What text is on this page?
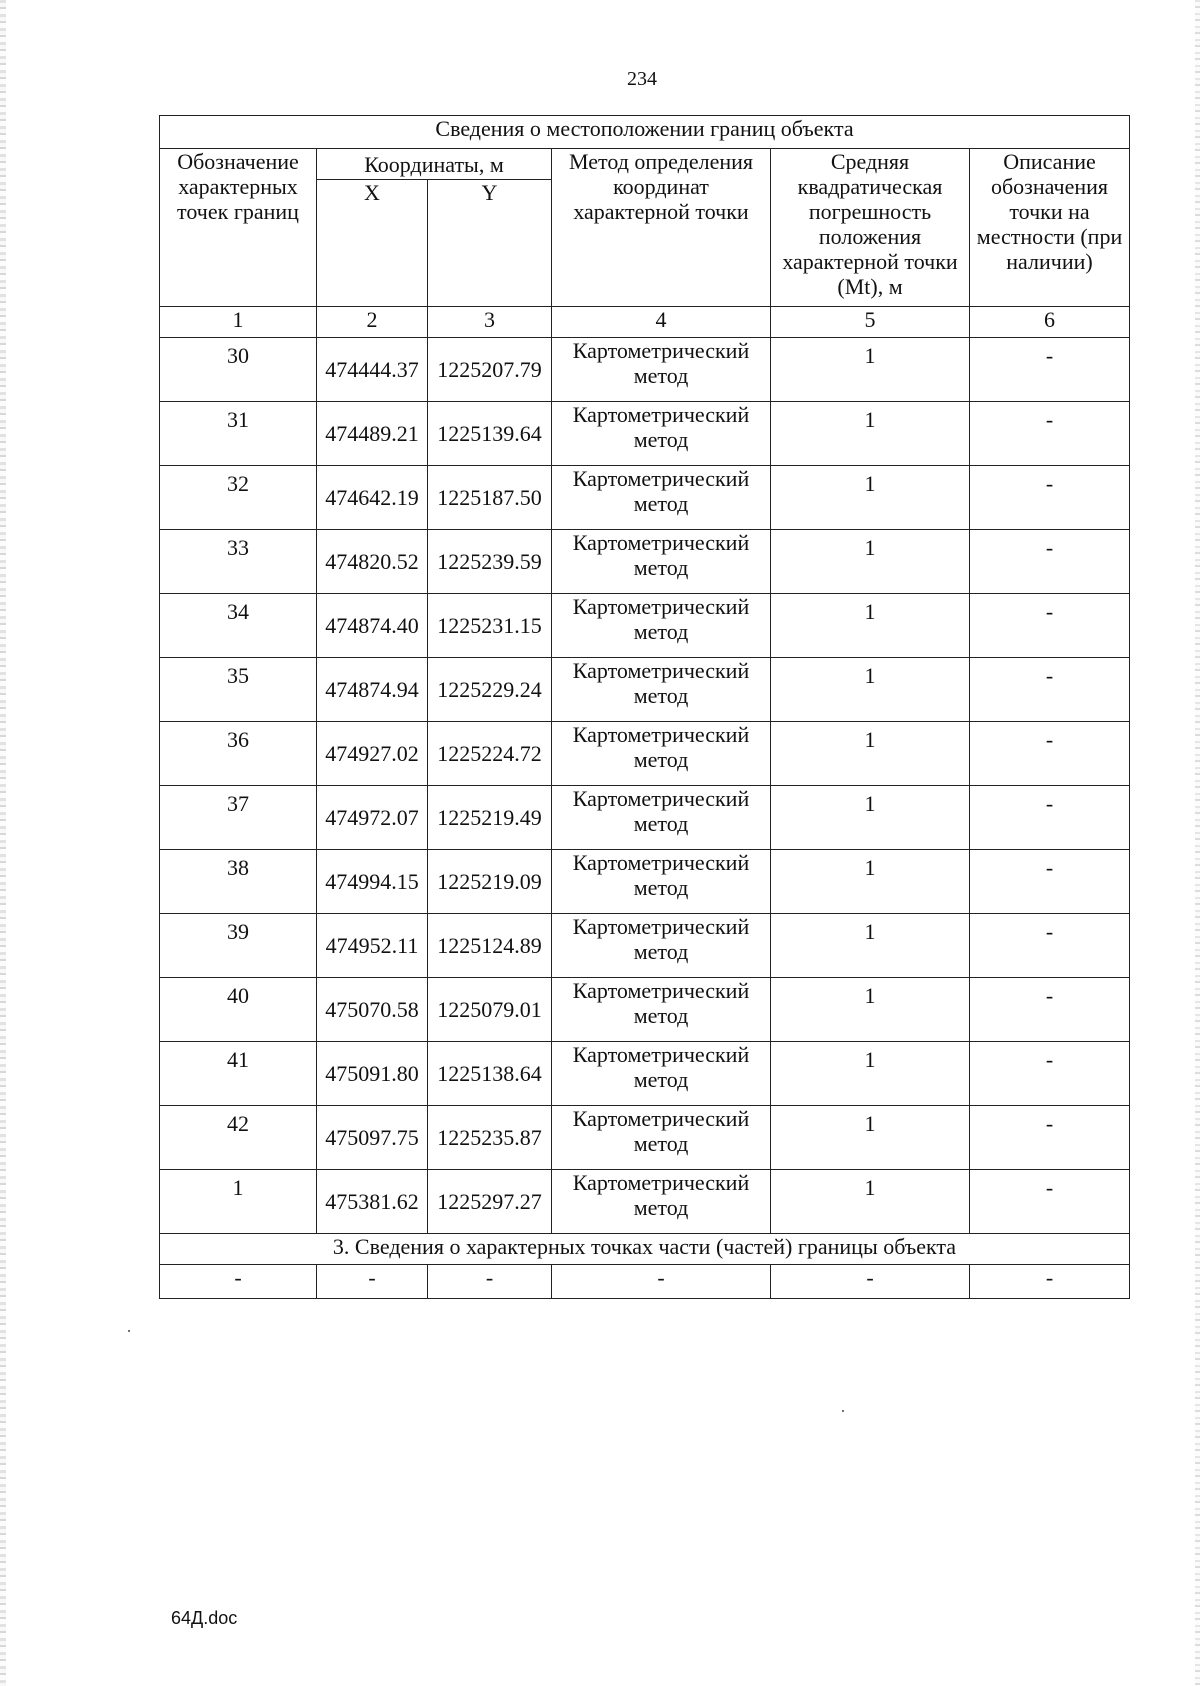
234
Сведения о местоположении границ объекта					
Обозначение характерных точек границ	Координаты, м		Метод определения координат характерной точки	Средняя квадратическая погрешность положения характерной точки (Mt), м	Описание обозначения точки на местности (при наличии)
	X	Y			
1	2	3	4	5	6
30	474444.37	1225207.79	Картометрический метод	1	-
31	474489.21	1225139.64	Картометрический метод	1	-
32	474642.19	1225187.50	Картометрический метод	1	-
33	474820.52	1225239.59	Картометрический метод	1	-
34	474874.40	1225231.15	Картометрический метод	1	-
35	474874.94	1225229.24	Картометрический метод	1	-
36	474927.02	1225224.72	Картометрический метод	1	-
37	474972.07	1225219.49	Картометрический метод	1	-
38	474994.15	1225219.09	Картометрический метод	1	-
39	474952.11	1225124.89	Картометрический метод	1	-
40	475070.58	1225079.01	Картометрический метод	1	-
41	475091.80	1225138.64	Картометрический метод	1	-
42	475097.75	1225235.87	Картометрический метод	1	-
1	475381.62	1225297.27	Картометрический метод	1	-
3. Сведения о характерных точках части (частей) границы объекта					
-	-	-	-	-	-
64Д.doc
